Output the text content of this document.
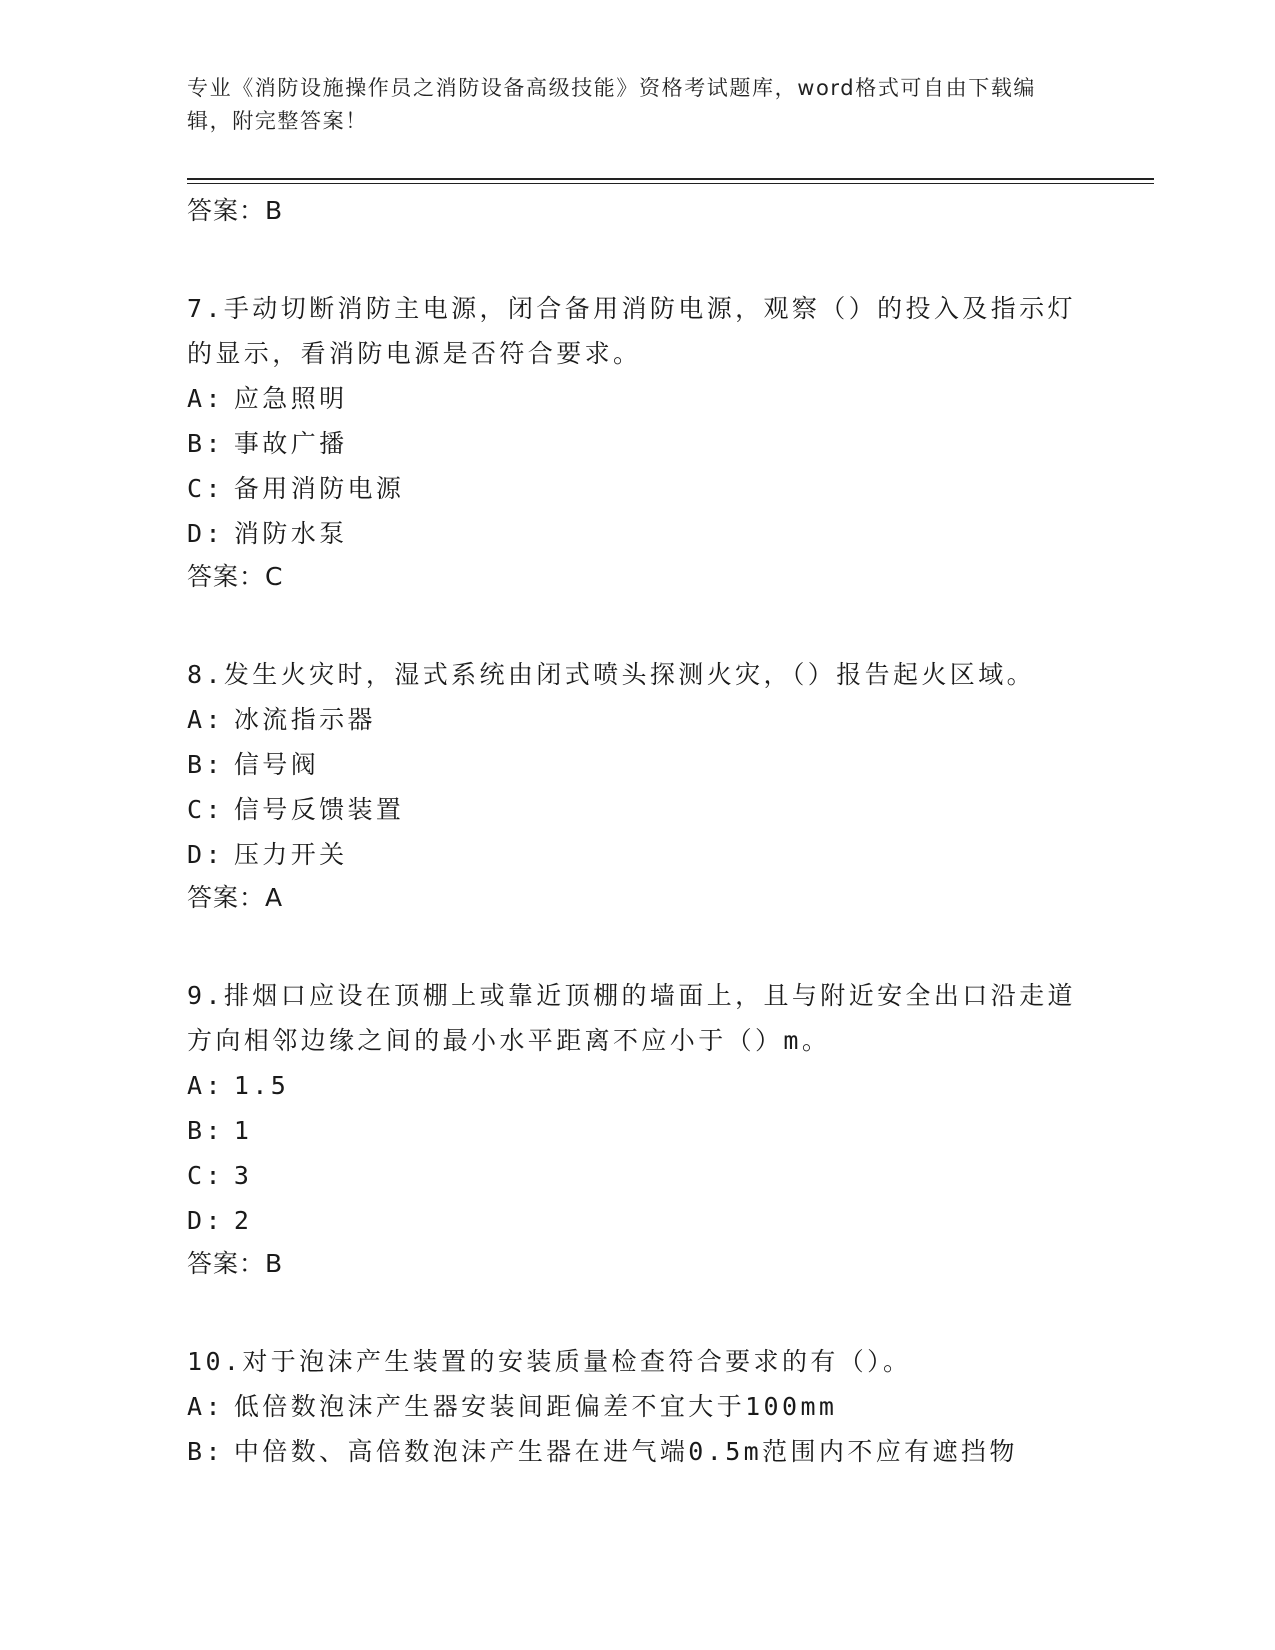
专业《消防设施操作员之消防设备高级技能》资格考试题库，word格式可自由下载编辑，附完整答案！
答案：B
7.手动切断消防主电源，闭合备用消防电源，观察（）的投入及指示灯的显示，看消防电源是否符合要求。
A: 应急照明
B: 事故广播
C: 备用消防电源
D: 消防水泵
答案：C
8.发生火灾时，湿式系统由闭式喷头探测火灾，（）报告起火区域。
A: 冰流指示器
B: 信号阀
C: 信号反馈装置
D: 压力开关
答案：A
9.排烟口应设在顶棚上或靠近顶棚的墙面上，且与附近安全出口沿走道方向相邻边缘之间的最小水平距离不应小于（）m。
A: 1.5
B: 1
C: 3
D: 2
答案：B
10.对于泡沫产生装置的安装质量检查符合要求的有（）。
A: 低倍数泡沫产生器安装间距偏差不宜大于100mm
B: 中倍数、高倍数泡沫产生器在进气端0.5m范围内不应有遮挡物
